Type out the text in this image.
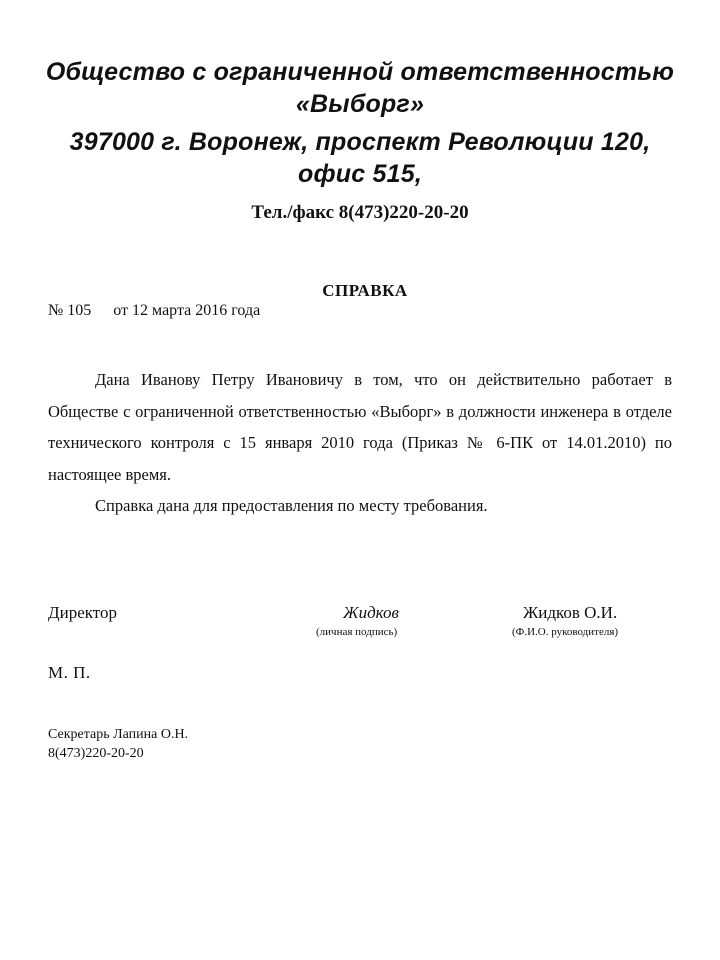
Общество с ограниченной ответственностью
«Выборг»
397000 г. Воронеж, проспект Революции 120,
офис 515,
Тел./факс 8(473)220-20-20
СПРАВКА
№ 105 от 12 марта 2016 года

Дана Иванову Петру Ивановичу в том, что он действительно работает в Обществе с ограниченной ответственностью «Выборг» в должности инженера в отделе технического контроля с 15 января 2010 года (Приказ № 6-ПК от 14.01.2010) по настоящее время.

Справка дана для предоставления по месту требования.

Директор	Жидков
(личная подпись)
Жидков О.И.
(Ф.И.О. руководителя)
М. П.
Секретарь Лапина О.Н.
8(473)220-20-20
